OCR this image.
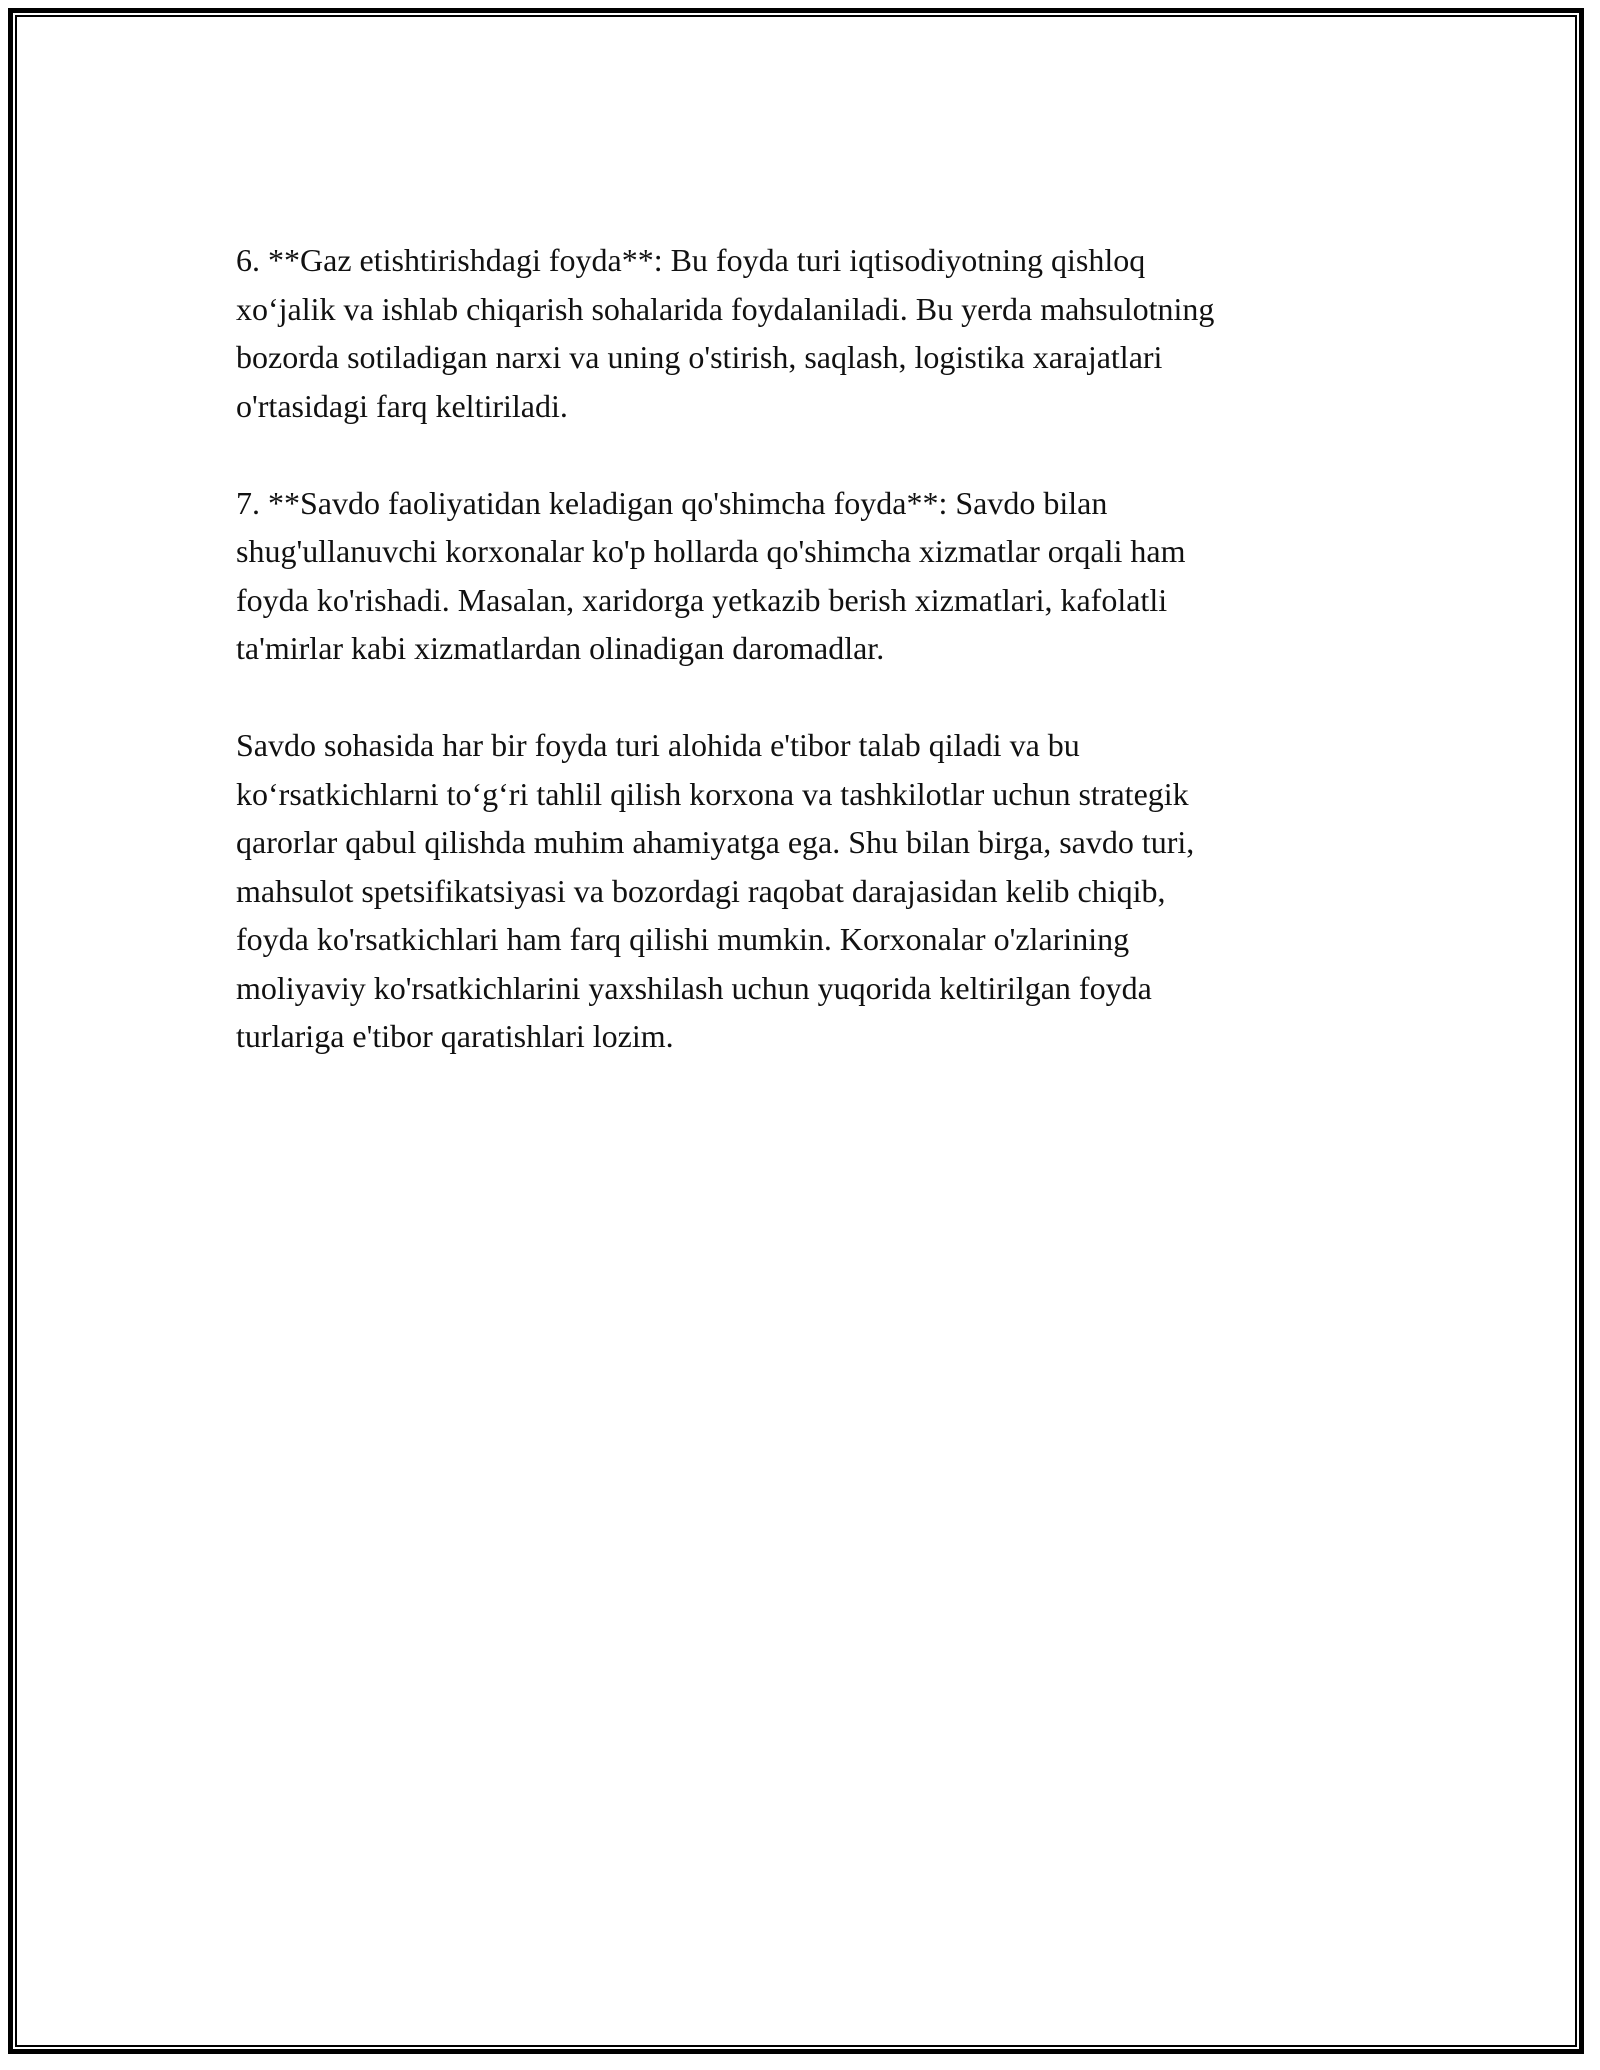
6. **Gaz etishtirishdagi foyda**: Bu foyda turi iqtisodiyotning qishloq
xo‘jalik va ishlab chiqarish sohalarida foydalaniladi. Bu yerda mahsulotning
bozorda sotiladigan narxi va uning o'stirish, saqlash, logistika xarajatlari
o'rtasidagi farq keltiriladi.

7. **Savdo faoliyatidan keladigan qo'shimcha foyda**: Savdo bilan
shug'ullanuvchi korxonalar ko'p hollarda qo'shimcha xizmatlar orqali ham
foyda ko'rishadi. Masalan, xaridorga yetkazib berish xizmatlari, kafolatli
ta'mirlar kabi xizmatlardan olinadigan daromadlar.

Savdo sohasida har bir foyda turi alohida e'tibor talab qiladi va bu
ko‘rsatkichlarni to‘g‘ri tahlil qilish korxona va tashkilotlar uchun strategik
qarorlar qabul qilishda muhim ahamiyatga ega. Shu bilan birga, savdo turi,
mahsulot spetsifikatsiyasi va bozordagi raqobat darajasidan kelib chiqib,
foyda ko'rsatkichlari ham farq qilishi mumkin. Korxonalar o'zlarining
moliyaviy ko'rsatkichlarini yaxshilash uchun yuqorida keltirilgan foyda
turlariga e'tibor qaratishlari lozim.
